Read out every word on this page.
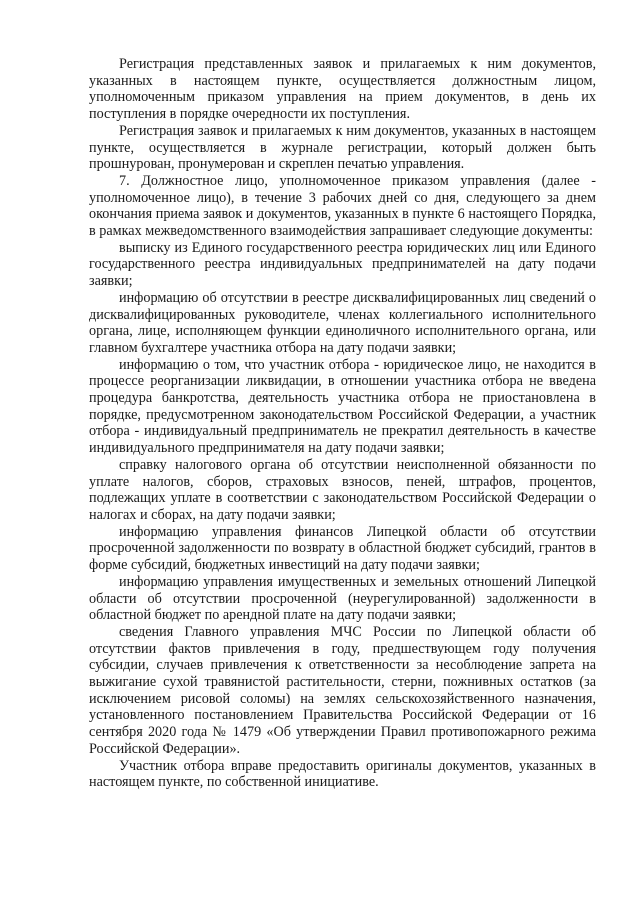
Регистрация представленных заявок и прилагаемых к ним документов, указанных в настоящем пункте, осуществляется должностным лицом, уполномоченным приказом управления на прием документов, в день их поступления в порядке очередности их поступления.

Регистрация заявок и прилагаемых к ним документов, указанных в настоящем пункте, осуществляется в журнале регистрации, который должен быть прошнурован, пронумерован и скреплен печатью управления.

7. Должностное лицо, уполномоченное приказом управления (далее - уполномоченное лицо), в течение 3 рабочих дней со дня, следующего за днем окончания приема заявок и документов, указанных в пункте 6 настоящего Порядка, в рамках межведомственного взаимодействия запрашивает следующие документы:

выписку из Единого государственного реестра юридических лиц или Единого государственного реестра индивидуальных предпринимателей на дату подачи заявки;

информацию об отсутствии в реестре дисквалифицированных лиц сведений о дисквалифицированных руководителе, членах коллегиального исполнительного органа, лице, исполняющем функции единоличного исполнительного органа, или главном бухгалтере участника отбора на дату подачи заявки;

информацию о том, что участник отбора - юридическое лицо, не находится в процессе реорганизации ликвидации, в отношении участника отбора не введена процедура банкротства, деятельность участника отбора не приостановлена в порядке, предусмотренном законодательством Российской Федерации, а участник отбора - индивидуальный предприниматель не прекратил деятельность в качестве индивидуального предпринимателя на дату подачи заявки;

справку налогового органа об отсутствии неисполненной обязанности по уплате налогов, сборов, страховых взносов, пеней, штрафов, процентов, подлежащих уплате в соответствии с законодательством Российской Федерации о налогах и сборах, на дату подачи заявки;

информацию управления финансов Липецкой области об отсутствии просроченной задолженности по возврату в областной бюджет субсидий, грантов в форме субсидий, бюджетных инвестиций на дату подачи заявки;

информацию управления имущественных и земельных отношений Липецкой области об отсутствии просроченной (неурегулированной) задолженности в областной бюджет по арендной плате на дату подачи заявки;

сведения Главного управления МЧС России по Липецкой области об отсутствии фактов привлечения в году, предшествующем году получения субсидии, случаев привлечения к ответственности за несоблюдение запрета на выжигание сухой травянистой растительности, стерни, пожнивных остатков (за исключением рисовой соломы) на землях сельскохозяйственного назначения, установленного постановлением Правительства Российской Федерации от 16 сентября 2020 года № 1479 «Об утверждении Правил противопожарного режима Российской Федерации».

Участник отбора вправе предоставить оригиналы документов, указанных в настоящем пункте, по собственной инициативе.
